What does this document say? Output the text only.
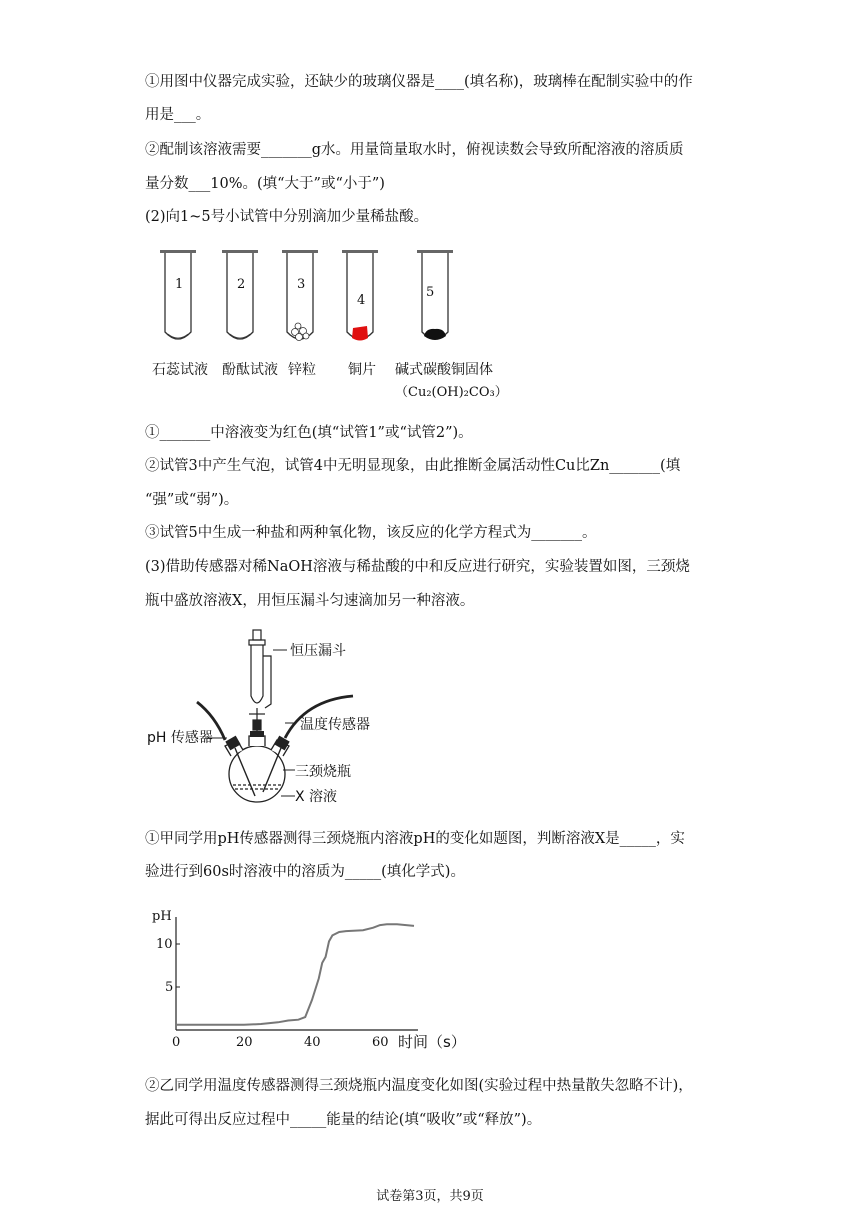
①用图中仪器完成实验，还缺少的玻璃仪器是____(填名称)，玻璃棒在配制实验中的作
用是___。
②配制该溶液需要_______g水。用量筒量取水时，俯视读数会导致所配溶液的溶质质
量分数___10%。(填“大于”或“小于”)
(2)向1~5号小试管中分别滴加少量稀盐酸。
1	2	3
4
5
石蕊试液 酚酞试液 锌粒 铜片 碱式碳酸铜固体
（Cu₂(OH)₂CO₃）
①_______中溶液变为红色(填“试管1”或“试管2”)。
②试管3中产生气泡，试管4中无明显现象，由此推断金属活动性Cu比Zn_______(填
“强”或“弱”)。
③试管5中生成一种盐和两种氧化物，该反应的化学方程式为_______。
(3)借助传感器对稀NaOH溶液与稀盐酸的中和反应进行研究，实验装置如图，三颈烧
瓶中盛放溶液X，用恒压漏斗匀速滴加另一种溶液。
恒压漏斗
温度传感器
pH 传感器
三颈烧瓶
X 溶液
①甲同学用pH传感器测得三颈烧瓶内溶液pH的变化如题图，判断溶液X是_____，实
验进行到60s时溶液中的溶质为_____(填化学式)。
pH
时间（s）
0	20	40	60
5
10
②乙同学用温度传感器测得三颈烧瓶内温度变化如图(实验过程中热量散失忽略不计)，
据此可得出反应过程中_____能量的结论(填“吸收”或“释放”)。
试卷第3页，共9页
